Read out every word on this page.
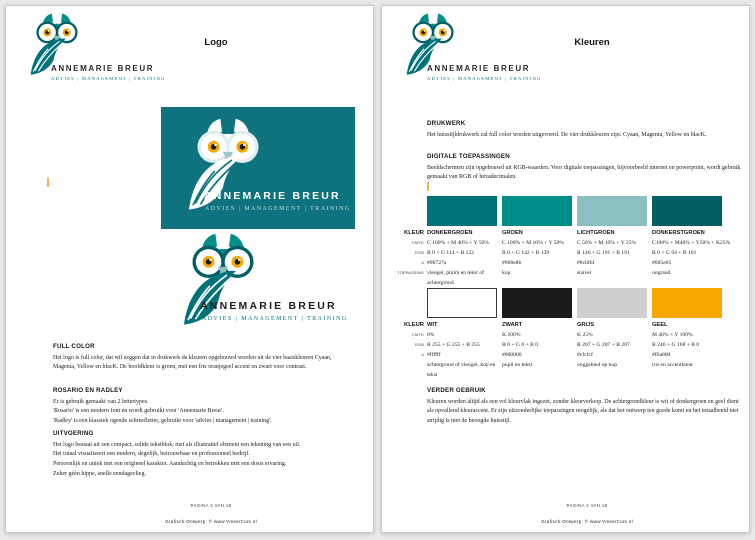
ANNEMARIE BREUR
ADVIES | MANAGEMENT | TRAINING
Logo
ANNEMARIE BREUR
ADVIES | MANAGEMENT | TRAINING
ANNEMARIE BREUR
ADVIES | MANAGEMENT | TRAINING
FULL COLOR
Het logo is full color, dat wil zeggen dat in drukwerk de kleuren opgebouwd worden uit de vier basiskleuren Cyaan, Magenta, Yellow en blacK. De hoofdkleur is groen, met een fris oranjegeel accent en zwart voor contrast.
ROSARIO EN RADLEY
Er is gebruik gemaakt van 2 lettertypes.
'Rosario' is een modern font en wordt gebruikt voor 'Annemarie Breur'.
'Radley' is een klassiek ogende schreefletter, gebruikt voor 'advies | management | training'.
UITVOERING
Het logo bestaat uit een compact, solide tekstblok, met als illustratief element een tekening van een uil.
Het totaal visualiseert een modern, degelijk, betrouwbaar en professioneel bedrijf.
Persoonlijk en uniek met een origineel karakter. Aandachtig en betrokken met een dosis ervaring.
Zeker géén hippe, snelle eendagsvlieg.
PAGINA 3 VAN 18
Grafisch Ontwerp: © www.VisserCom.nl
ANNEMARIE BREUR
ADVIES | MANAGEMENT | TRAINING
Kleuren
DRUKWERK
Het huisstijldrukwerk zal full color worden uitgevoerd. De vier drukkleuren zijn: Cyaan, Magenta, Yellow en blacK.
DIGITALE TOEPASSINGEN
Beeldschermen zijn opgebouwd uit RGB-waarden. Voor digitale toepassingen, bijvoorbeeld internet en powerpoint, wordt gebruik gemaakt van RGB of hexadecimalen.
KLEUR
CMYK
RGB
#
TOEPASSING
DONKERGROEN
C 100% + M 40% + Y 50%
R 0 + G 114 + B 122
#00727a
vleugel, pluim en tekst of achtergrond
GROEN
C 100% + M 10% + Y 50%
R 0 + G 142 + B 139
#008e8b
kop
LICHTGROEN
C 50% + M 10% + Y 25%
R 140 + G 191 + B 191
#8cbfbf
snavel
DONKERSTGROEN
C100% + M40% + Y50% + K25%
R 0 + G 94 + B 101
#005e65
oogrand
KLEUR
CMYK
RGB
#
WIT
0%
R 255 + G 255 + B 255
#ffffff
achtergrond of vleugel, kop en tekst
ZWART
K 100%
R 0 + G 0 + B 0
#000000
pupil en tekst
GRIJS
K 25%
R 207 + G 207 + B 207
#cfcfcf
ooggebied op kop
GEEL
M 40% + Y 100%
R 246 + G 168 + B 0
#f6a800
iris en accentkleur
VERDER GEBRUIK
Kleuren worden altijd als een vol kleurvlak ingezet, zonder kleurverloop. De achtergrondkleur is wit of donkergroen en geel dient als opvallend kleuraccent. Er zijn uitzonderlijke toepassingen mogelijk, als dat het ontwerp ten goede komt en het totaalbeeld niet strijdig is met de beoogde huisstijl.
PAGINA 4 VAN 18
Grafisch Ontwerp: © www.VisserCom.nl
